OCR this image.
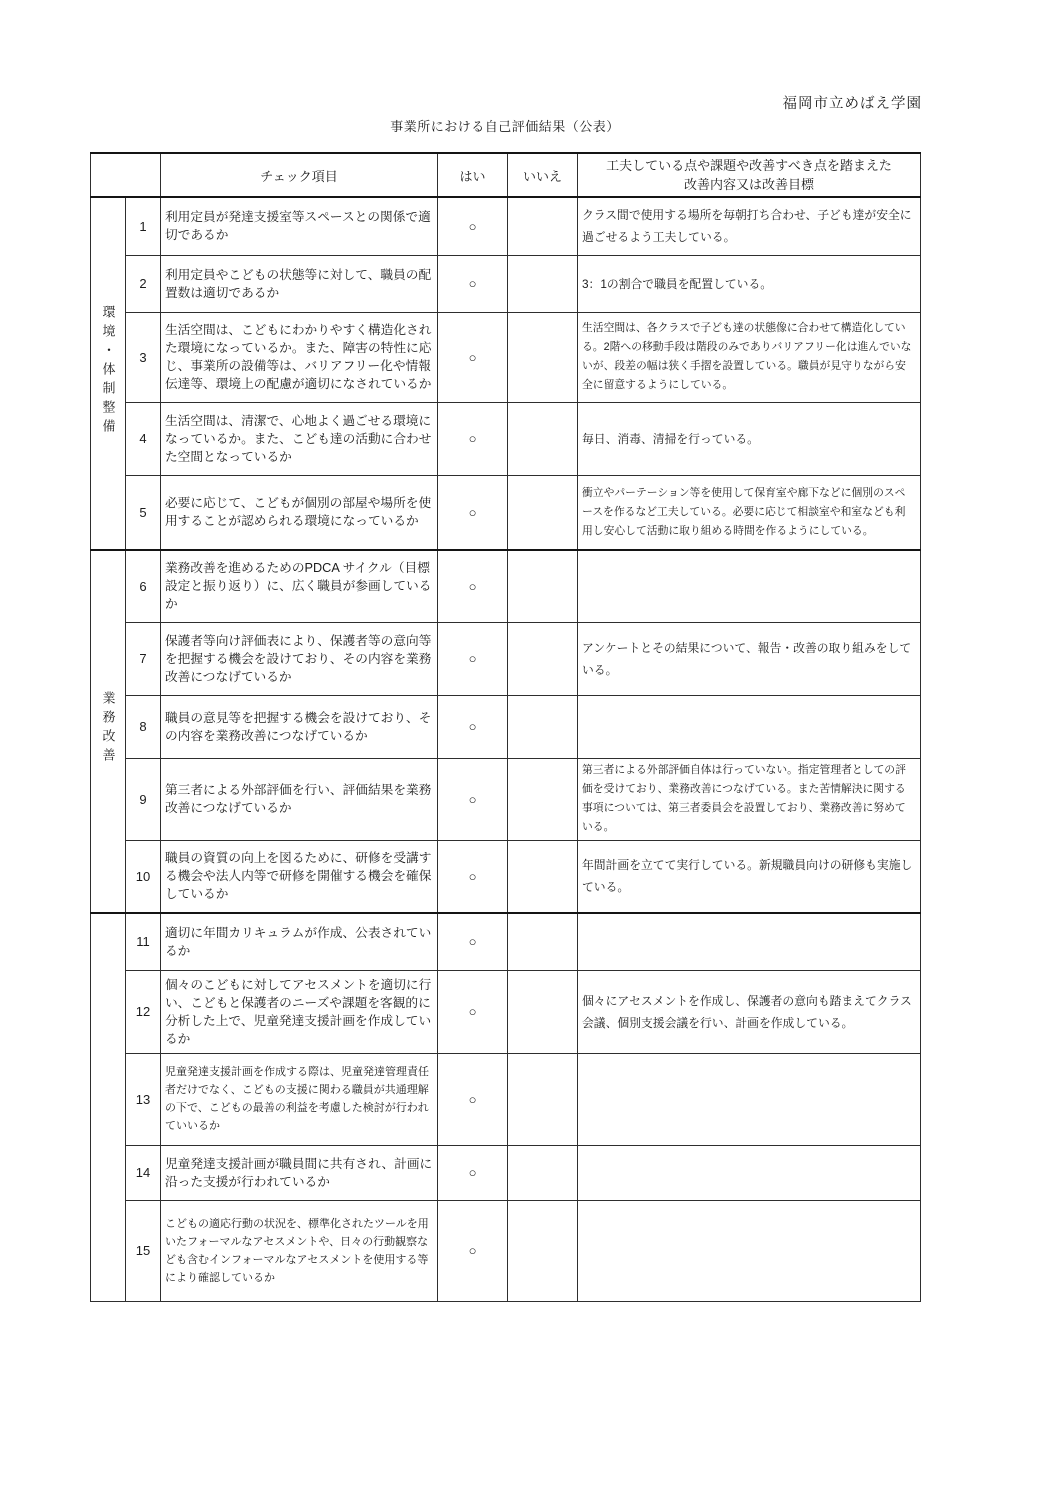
福岡市立めばえ学園
事業所における自己評価結果（公表）
		チェック項目	はい	いいえ	工夫している点や課題や改善すべき点を踏まえた
改善内容又は改善目標

環境・体制整備	1	利用定員が発達支援室等スペースとの関係で適切であるか	○		クラス間で使用する場所を毎朝打ち合わせ、子ども達が安全に過ごせるよう工夫している。
	2	利用定員やこどもの状態等に対して、職員の配置数は適切であるか	○		3：1の割合で職員を配置している。
	3	生活空間は、こどもにわかりやすく構造化された環境になっているか。また、障害の特性に応じ、事業所の設備等は、バリアフリー化や情報伝達等、環境上の配慮が適切になされているか	○		生活空間は、各クラスで子ども達の状態像に合わせて構造化している。2階への移動手段は階段のみでありバリアフリー化は進んでいないが、段差の幅は狭く手摺を設置している。職員が見守りながら安全に留意するようにしている。
	4	生活空間は、清潔で、心地よく過ごせる環境になっているか。また、こども達の活動に合わせた空間となっているか	○		毎日、消毒、清掃を行っている。
	5	必要に応じて、こどもが個別の部屋や場所を使用することが認められる環境になっているか	○		衝立やパーテーション等を使用して保育室や廊下などに個別のスペースを作るなど工夫している。必要に応じて相談室や和室なども利用し安心して活動に取り組める時間を作るようにしている。
業務改善	6	業務改善を進めるためのPDCA サイクル（目標設定と振り返り）に、広く職員が参画しているか	○		
	7	保護者等向け評価表により、保護者等の意向等を把握する機会を設けており、その内容を業務改善につなげているか	○		アンケートとその結果について、報告・改善の取り組みをしている。
	8	職員の意見等を把握する機会を設けており、その内容を業務改善につなげているか	○		
	9	第三者による外部評価を行い、評価結果を業務改善につなげているか	○		第三者による外部評価自体は行っていない。指定管理者としての評価を受けており、業務改善につなげている。また苦情解決に関する事項については、第三者委員会を設置しており、業務改善に努めている。
	10	職員の資質の向上を図るために、研修を受講する機会や法人内等で研修を開催する機会を確保しているか	○		年間計画を立てて実行している。新規職員向けの研修も実施している。
	11	適切に年間カリキュラムが作成、公表されているか	○		
	12	個々のこどもに対してアセスメントを適切に行い、こどもと保護者のニーズや課題を客観的に分析した上で、児童発達支援計画を作成しているか	○		個々にアセスメントを作成し、保護者の意向も踏まえてクラス会議、個別支援会議を行い、計画を作成している。
	13	児童発達支援計画を作成する際は、児童発達管理責任者だけでなく、こどもの支援に関わる職員が共通理解の下で、こどもの最善の利益を考慮した検討が行われていいるか	○		
	14	児童発達支援計画が職員間に共有され、計画に沿った支援が行われているか	○		
	15	こどもの適応行動の状況を、標準化されたツールを用いたフォーマルなアセスメントや、日々の行動観察なども含むインフォーマルなアセスメントを使用する等により確認しているか	○		
